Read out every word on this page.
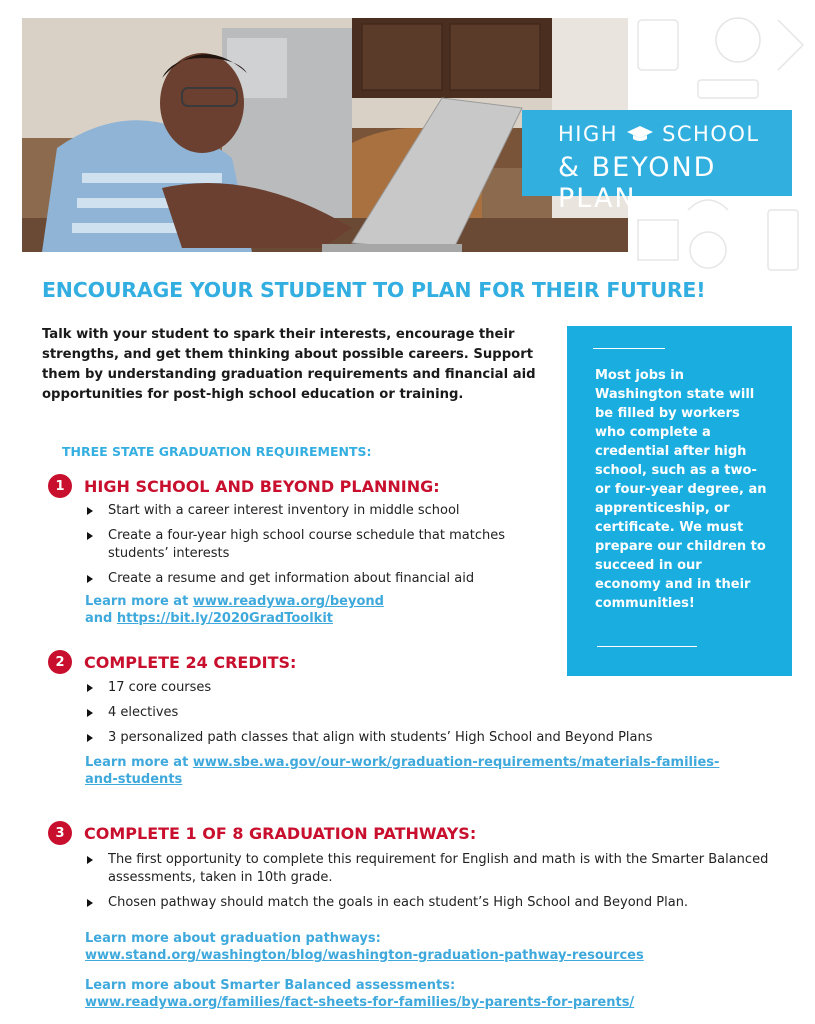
HIGH SCHOOL
& BEYOND PLAN
ENCOURAGE YOUR STUDENT TO PLAN FOR THEIR FUTURE!
Talk with your student to spark their interests, encourage their strengths, and get them thinking about possible careers. Support them by understanding graduation requirements and financial aid opportunities for post-high school education or training.
Most jobs in Washington state will be filled by workers who complete a credential after high school, such as a two- or four-year degree, an apprenticeship, or certificate. We must prepare our children to succeed in our economy and in their communities!
THREE STATE GRADUATION REQUIREMENTS:
1	HIGH SCHOOL AND BEYOND PLANNING:
Start with a career interest inventory in middle school
Create a four-year high school course schedule that matches students’ interests
Create a resume and get information about financial aid
Learn more at www.readywa.org/beyond
and https://bit.ly/2020GradToolkit
2	COMPLETE 24 CREDITS:
17 core courses
4 electives
3 personalized path classes that align with students’ High School and Beyond Plans
Learn more at www.sbe.wa.gov/our-work/graduation-requirements/materials-families-and-students
3	COMPLETE 1 OF 8 GRADUATION PATHWAYS:
The first opportunity to complete this requirement for English and math is with the Smarter Balanced assessments, taken in 10th grade.
Chosen pathway should match the goals in each student’s High School and Beyond Plan.
Learn more about graduation pathways:
www.stand.org/washington/blog/washington-graduation-pathway-resources
Learn more about Smarter Balanced assessments:
www.readywa.org/families/fact-sheets-for-families/by-parents-for-parents/
